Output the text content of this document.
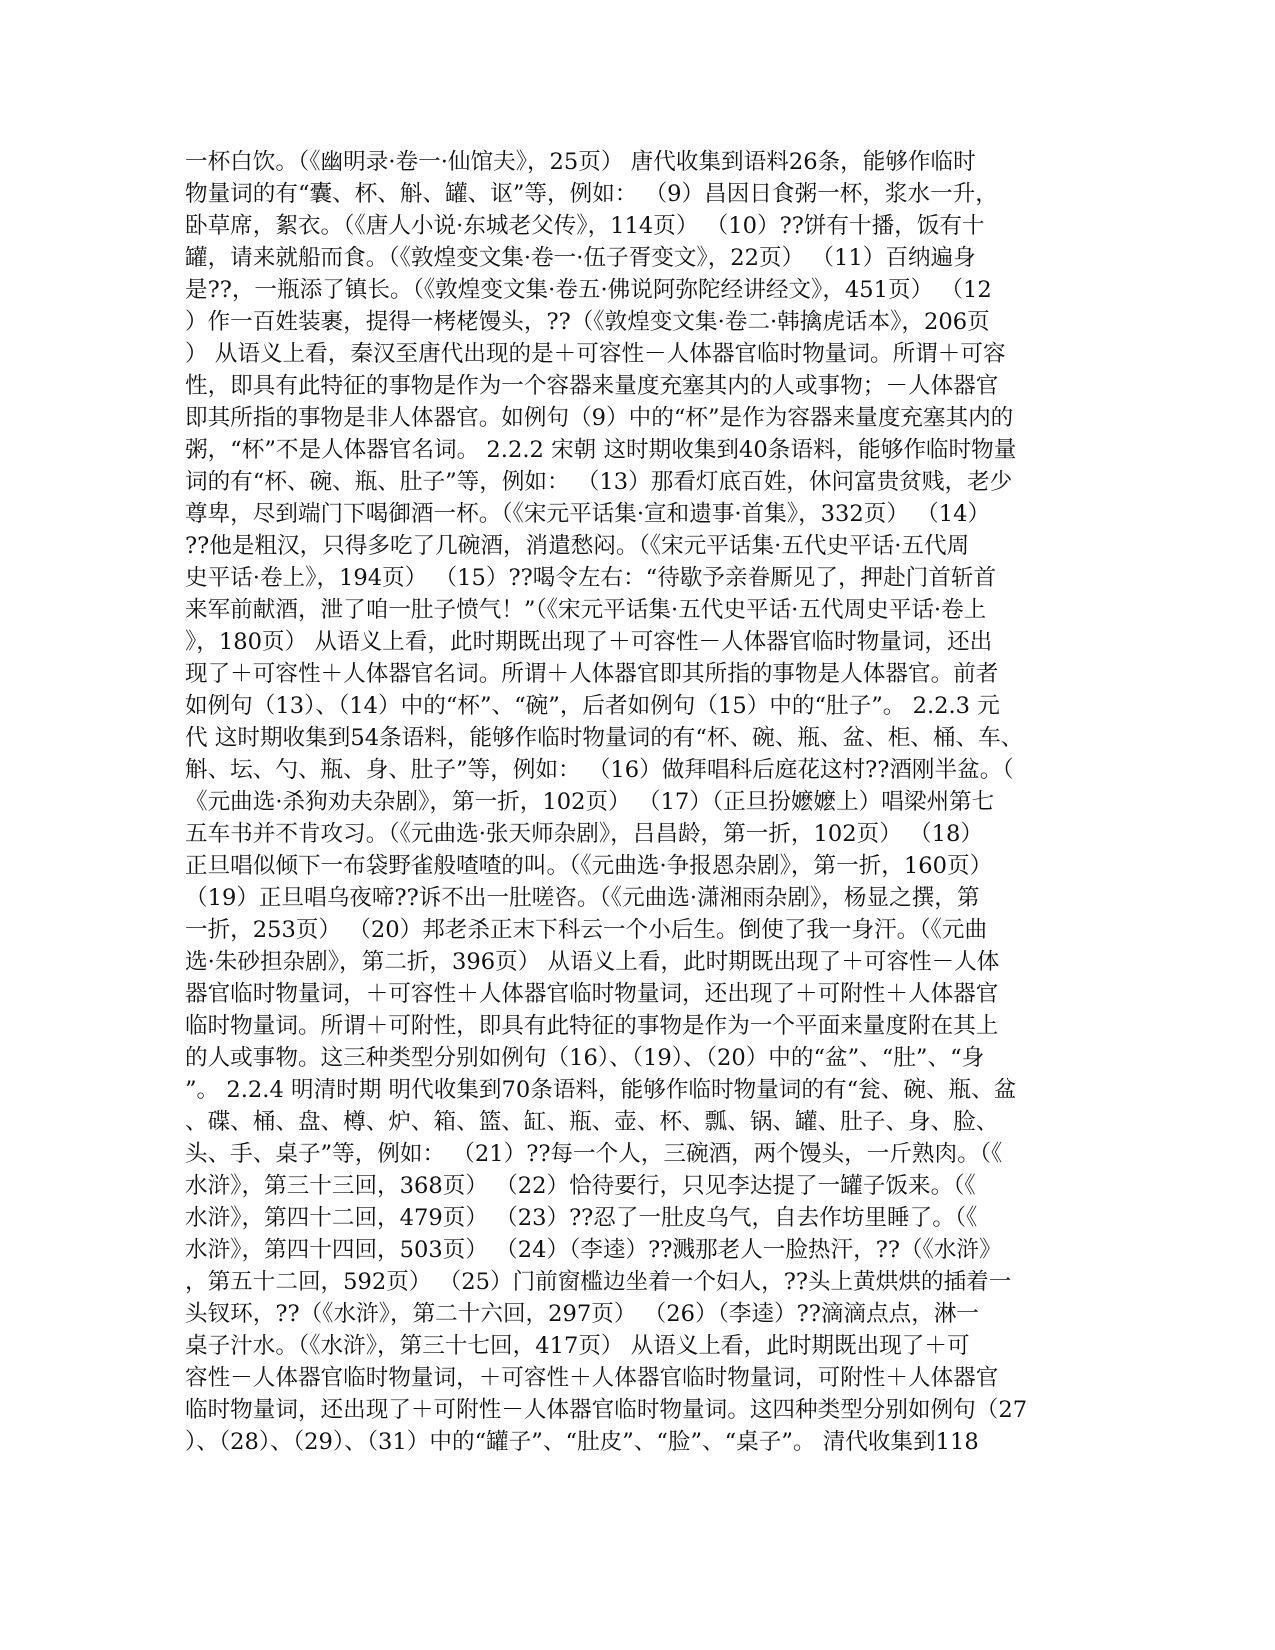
一杯白饮。（《幽明录·卷一·仙馆夫》，25页） 唐代收集到语料26条，能够作临时
物量词的有“囊、杯、斛、罐、讴”等，例如： （9）昌因日食粥一杯，浆水一升，
卧草席，絮衣。（《唐人小说·东城老父传》，114页） （10）??饼有十播，饭有十
罐，请来就船而食。（《敦煌变文集·卷一·伍子胥变文》，22页） （11）百纳遍身
是??，一瓶添了镇长。（《敦煌变文集·卷五·佛说阿弥陀经讲经文》，451页） （12
）作一百姓装裹，提得一栲栳馒头，??（《敦煌变文集·卷二·韩擒虎话本》，206页
） 从语义上看，秦汉至唐代出现的是＋可容性－人体器官临时物量词。所谓＋可容
性，即具有此特征的事物是作为一个容器来量度充塞其内的人或事物；－人体器官
即其所指的事物是非人体器官。如例句（9）中的“杯”是作为容器来量度充塞其内的
粥，“杯”不是人体器官名词。 2.2.2 宋朝 这时期收集到40条语料，能够作临时物量
词的有“杯、碗、瓶、肚子”等，例如： （13）那看灯底百姓，休问富贵贫贱，老少
尊卑，尽到端门下喝御酒一杯。（《宋元平话集·宣和遗事·首集》，332页） （14）
??他是粗汉，只得多吃了几碗酒，消遣愁闷。（《宋元平话集·五代史平话·五代周
史平话·卷上》，194页） （15）??喝令左右：“待歇予亲眷厮见了，押赴门首斩首
来军前献酒，泄了咱一肚子愤气！”（《宋元平话集·五代史平话·五代周史平话·卷上
》，180页） 从语义上看，此时期既出现了＋可容性－人体器官临时物量词，还出
现了＋可容性＋人体器官名词。所谓＋人体器官即其所指的事物是人体器官。前者
如例句（13）、（14）中的“杯”、“碗”，后者如例句（15）中的“肚子”。 2.2.3 元
代 这时期收集到54条语料，能够作临时物量词的有“杯、碗、瓶、盆、柜、桶、车、
斛、坛、勺、瓶、身、肚子”等，例如： （16）做拜唱科后庭花这村??酒刚半盆。（
《元曲选·杀狗劝夫杂剧》，第一折，102页） （17）（正旦扮嬷嬷上）唱梁州第七
五车书并不肯攻习。（《元曲选·张天师杂剧》，吕昌龄，第一折，102页） （18）
正旦唱似倾下一布袋野雀般喳喳的叫。（《元曲选·争报恩杂剧》，第一折，160页）
（19）正旦唱乌夜啼??诉不出一肚嗟咨。（《元曲选·潇湘雨杂剧》，杨显之撰，第
一折，253页） （20）邦老杀正末下科云一个小后生。倒使了我一身汗。（《元曲
选·朱砂担杂剧》，第二折，396页） 从语义上看，此时期既出现了＋可容性－人体
器官临时物量词，＋可容性＋人体器官临时物量词，还出现了＋可附性＋人体器官
临时物量词。所谓＋可附性，即具有此特征的事物是作为一个平面来量度附在其上
的人或事物。这三种类型分别如例句（16）、（19）、（20）中的“盆”、“肚”、“身
”。 2.2.4 明清时期 明代收集到70条语料，能够作临时物量词的有“瓮、碗、瓶、盆
、碟、桶、盘、樽、炉、箱、篮、缸、瓶、壶、杯、瓢、锅、罐、肚子、身、脸、
头、手、桌子”等，例如： （21）??每一个人，三碗酒，两个馒头，一斤熟肉。（《
水浒》，第三十三回，368页） （22）恰待要行，只见李达提了一罐子饭来。（《
水浒》，第四十二回，479页） （23）??忍了一肚皮乌气，自去作坊里睡了。（《
水浒》，第四十四回，503页） （24）（李逵）??溅那老人一脸热汗，??（《水浒》
，第五十二回，592页） （25）门前窗槛边坐着一个妇人，??头上黄烘烘的插着一
头钗环，??（《水浒》，第二十六回，297页） （26）（李逵）??滴滴点点，淋一
桌子汁水。（《水浒》，第三十七回，417页） 从语义上看，此时期既出现了＋可
容性－人体器官临时物量词，＋可容性＋人体器官临时物量词，可附性＋人体器官
临时物量词，还出现了＋可附性－人体器官临时物量词。这四种类型分别如例句（27
）、（28）、（29）、（31）中的“罐子”、“肚皮”、“脸”、“桌子”。 清代收集到118
